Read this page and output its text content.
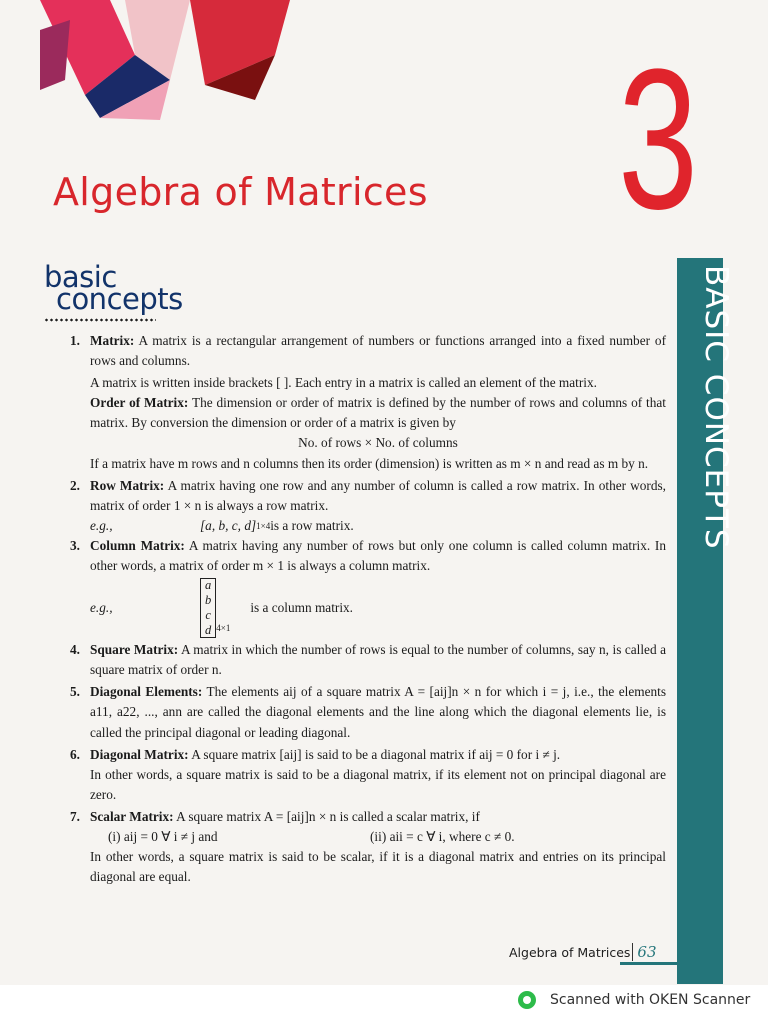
3
Algebra of Matrices
BASIC CONCEPTS
basic
concepts
1. Matrix: A matrix is a rectangular arrangement of numbers or functions arranged into a fixed number of rows and columns.

A matrix is written inside brackets [ ]. Each entry in a matrix is called an element of the matrix.

Order of Matrix: The dimension or order of matrix is defined by the number of rows and columns of that matrix. By conversion the dimension or order of a matrix is given by

No. of rows × No. of columns

If a matrix have m rows and n columns then its order (dimension) is written as m × n and read as m by n.

2. Row Matrix: A matrix having one row and any number of column is called a row matrix. In other words, matrix of order 1 × n is always a row matrix.

e.g.,	[a, b, c, d] 1×4 is a row matrix.
3. Column Matrix: A matrix having any number of rows but only one column is called column matrix. In other words, a matrix of order m × 1 is always a column matrix.

e.g.,
a
b
c
d 4×1
is a column matrix.
4. Square Matrix: A matrix in which the number of rows is equal to the number of columns, say n, is called a square matrix of order n.

5. Diagonal Elements: The elements aij of a square matrix A = [aij]n × n for which i = j, i.e., the elements a11, a22, ..., ann are called the diagonal elements and the line along which the diagonal elements lie, is called the principal diagonal or leading diagonal.

6. Diagonal Matrix: A square matrix [aij] is said to be a diagonal matrix if aij = 0 for i ≠ j.

In other words, a square matrix is said to be a diagonal matrix, if its element not on principal diagonal are zero.

7. Scalar Matrix: A square matrix A = [aij]n × n is called a scalar matrix, if

(i) aij = 0 ∀ i ≠ j and	(ii) aii = c ∀ i, where c ≠ 0.

In other words, a square matrix is said to be scalar, if it is a diagonal matrix and entries on its principal diagonal are equal.

Algebra of Matrices 63
Scanned with OKEN Scanner
